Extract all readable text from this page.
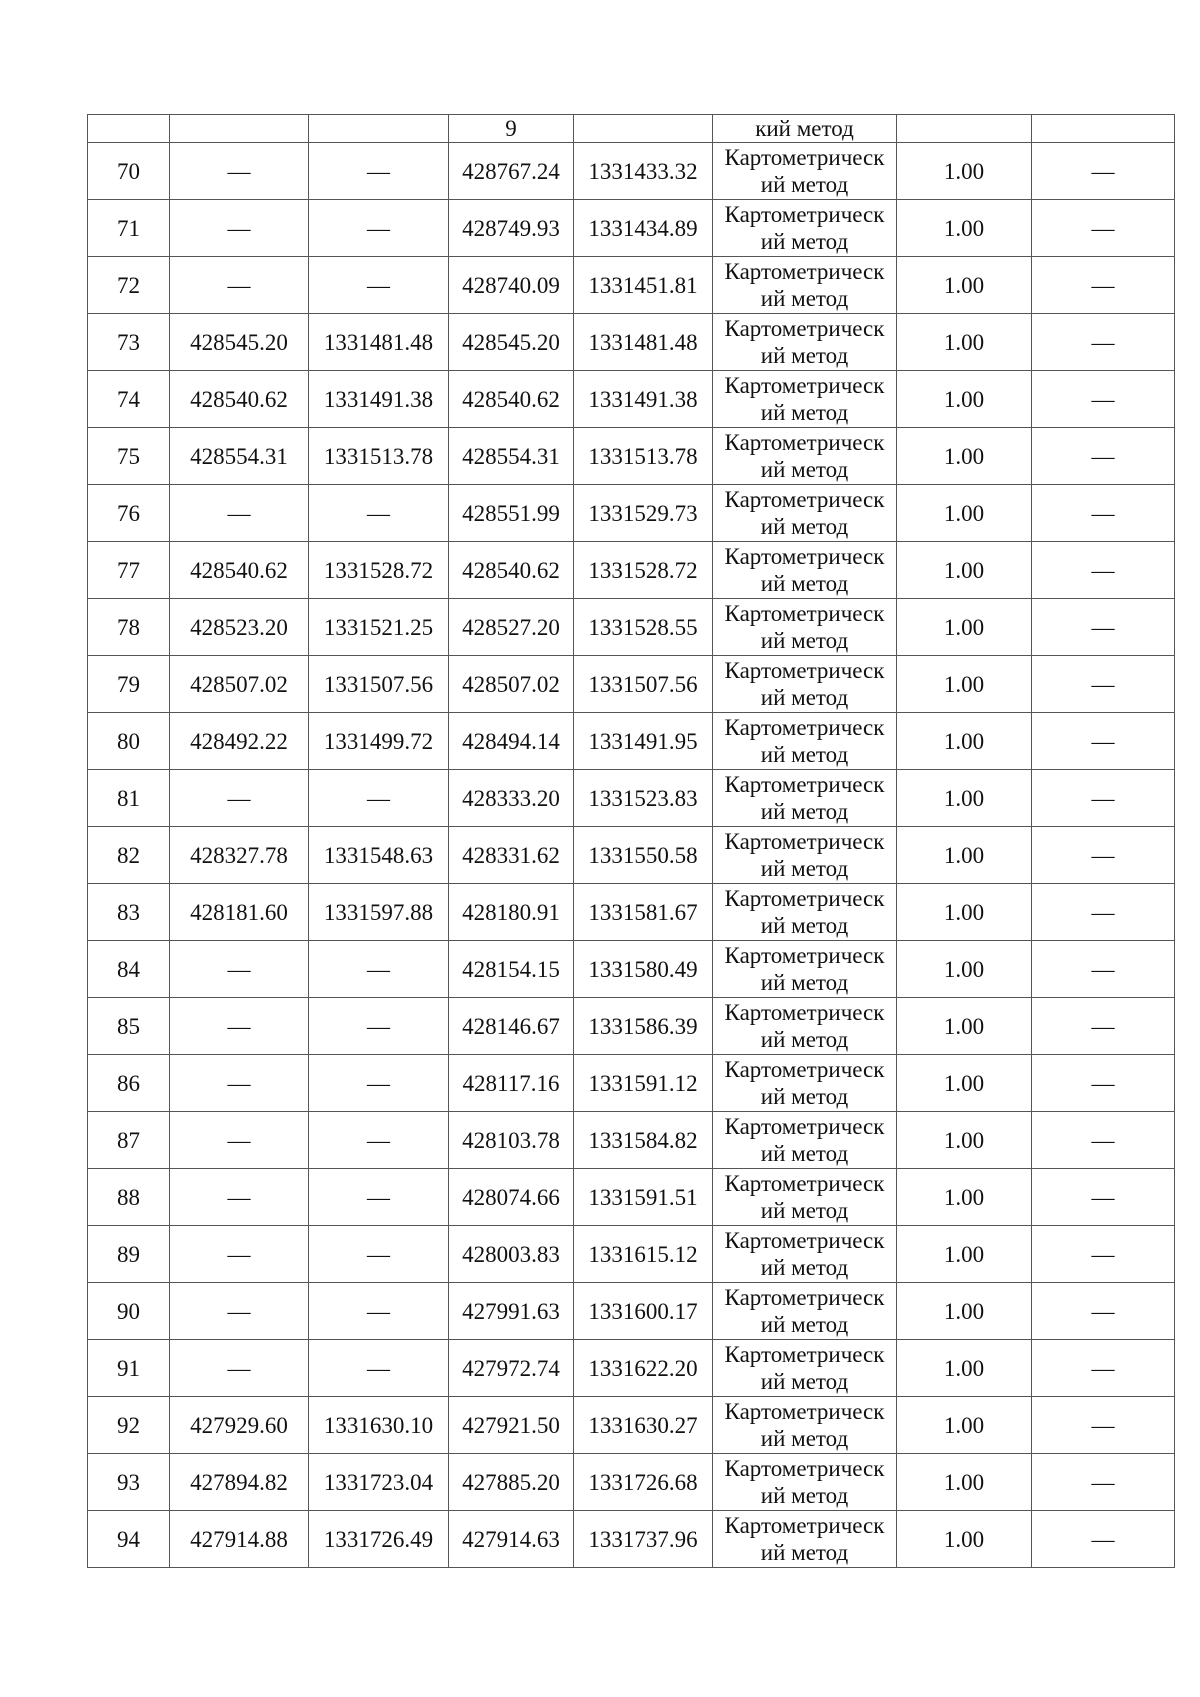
			9		кий метод		
70	—	—	428767.24	1331433.32	Картометрический метод	1.00	—
71	—	—	428749.93	1331434.89	Картометрический метод	1.00	—
72	—	—	428740.09	1331451.81	Картометрический метод	1.00	—
73	428545.20	1331481.48	428545.20	1331481.48	Картометрический метод	1.00	—
74	428540.62	1331491.38	428540.62	1331491.38	Картометрический метод	1.00	—
75	428554.31	1331513.78	428554.31	1331513.78	Картометрический метод	1.00	—
76	—	—	428551.99	1331529.73	Картометрический метод	1.00	—
77	428540.62	1331528.72	428540.62	1331528.72	Картометрический метод	1.00	—
78	428523.20	1331521.25	428527.20	1331528.55	Картометрический метод	1.00	—
79	428507.02	1331507.56	428507.02	1331507.56	Картометрический метод	1.00	—
80	428492.22	1331499.72	428494.14	1331491.95	Картометрический метод	1.00	—
81	—	—	428333.20	1331523.83	Картометрический метод	1.00	—
82	428327.78	1331548.63	428331.62	1331550.58	Картометрический метод	1.00	—
83	428181.60	1331597.88	428180.91	1331581.67	Картометрический метод	1.00	—
84	—	—	428154.15	1331580.49	Картометрический метод	1.00	—
85	—	—	428146.67	1331586.39	Картометрический метод	1.00	—
86	—	—	428117.16	1331591.12	Картометрический метод	1.00	—
87	—	—	428103.78	1331584.82	Картометрический метод	1.00	—
88	—	—	428074.66	1331591.51	Картометрический метод	1.00	—
89	—	—	428003.83	1331615.12	Картометрический метод	1.00	—
90	—	—	427991.63	1331600.17	Картометрический метод	1.00	—
91	—	—	427972.74	1331622.20	Картометрический метод	1.00	—
92	427929.60	1331630.10	427921.50	1331630.27	Картометрический метод	1.00	—
93	427894.82	1331723.04	427885.20	1331726.68	Картометрический метод	1.00	—
94	427914.88	1331726.49	427914.63	1331737.96	Картометрический метод	1.00	—
